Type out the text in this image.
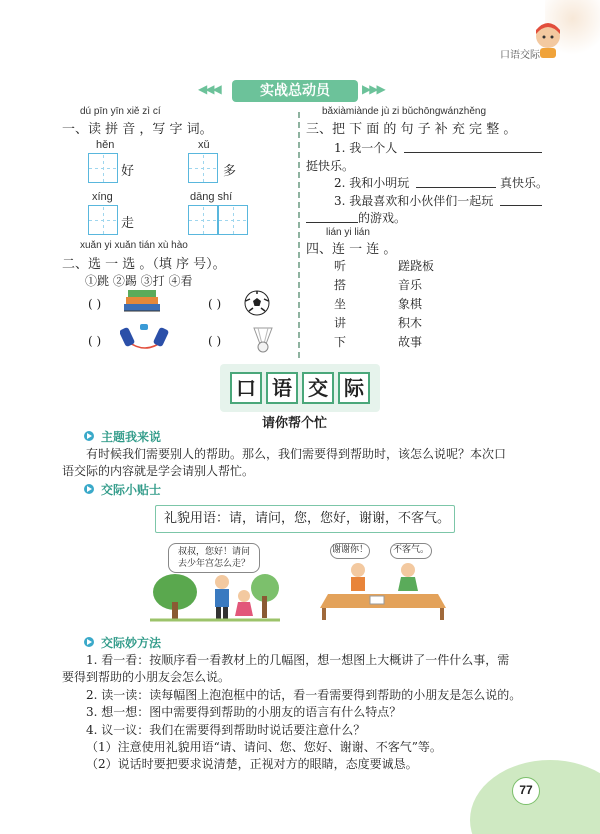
口语交际
◀◀◀	实战总动员	▶▶▶
dú pīn yīn xiě zì cí
一、读 拼 音 ，写 字 词。
hěn
好
xǔ
多
xíng
走
dāng shí
xuǎn yi xuǎn tián xù hào
二、选 一 选 。（填 序 号）。
①跳 ②踢 ③打 ④看
( )	( )
( )	( )
bǎxiàmiànde jù zi bǔchōngwánzhěng
三、把 下 面 的 句 子 补 充 完 整 。
1. 我一个人
挺快乐。
2. 我和小明玩	真快乐。
3. 我最喜欢和小伙伴们一起玩
的游戏。
lián yi lián
四、连 一 连 。
听
搭
坐
讲
下
蹉跷板
音乐
象棋
积木
故事
口 语 交 际
请你帮个忙
主题我来说
有时候我们需要别人的帮助。那么，我们需要得到帮助时，该怎么说呢？本次口
语交际的内容就是学会请别人帮忙。
交际小贴士
礼貌用语：请，请问，您，您好，谢谢，不客气。
叔叔，您好！请问
去少年宫怎么走？
谢谢你！	不客气。
交际妙方法
1. 看一看：按顺序看一看教材上的几幅图，想一想图上大概讲了一件什么事，需
要得到帮助的小朋友会怎么说。
2. 读一读：读每幅图上泡泡框中的话，看一看需要得到帮助的小朋友是怎么说的。
3. 想一想：图中需要得到帮助的小朋友的语言有什么特点？
4. 议一议：我们在需要得到帮助时说话要注意什么？
（1）注意使用礼貌用语“请、请问、您、您好、谢谢、不客气”等。
（2）说话时要把要求说清楚，正视对方的眼睛，态度要诚恳。
77
